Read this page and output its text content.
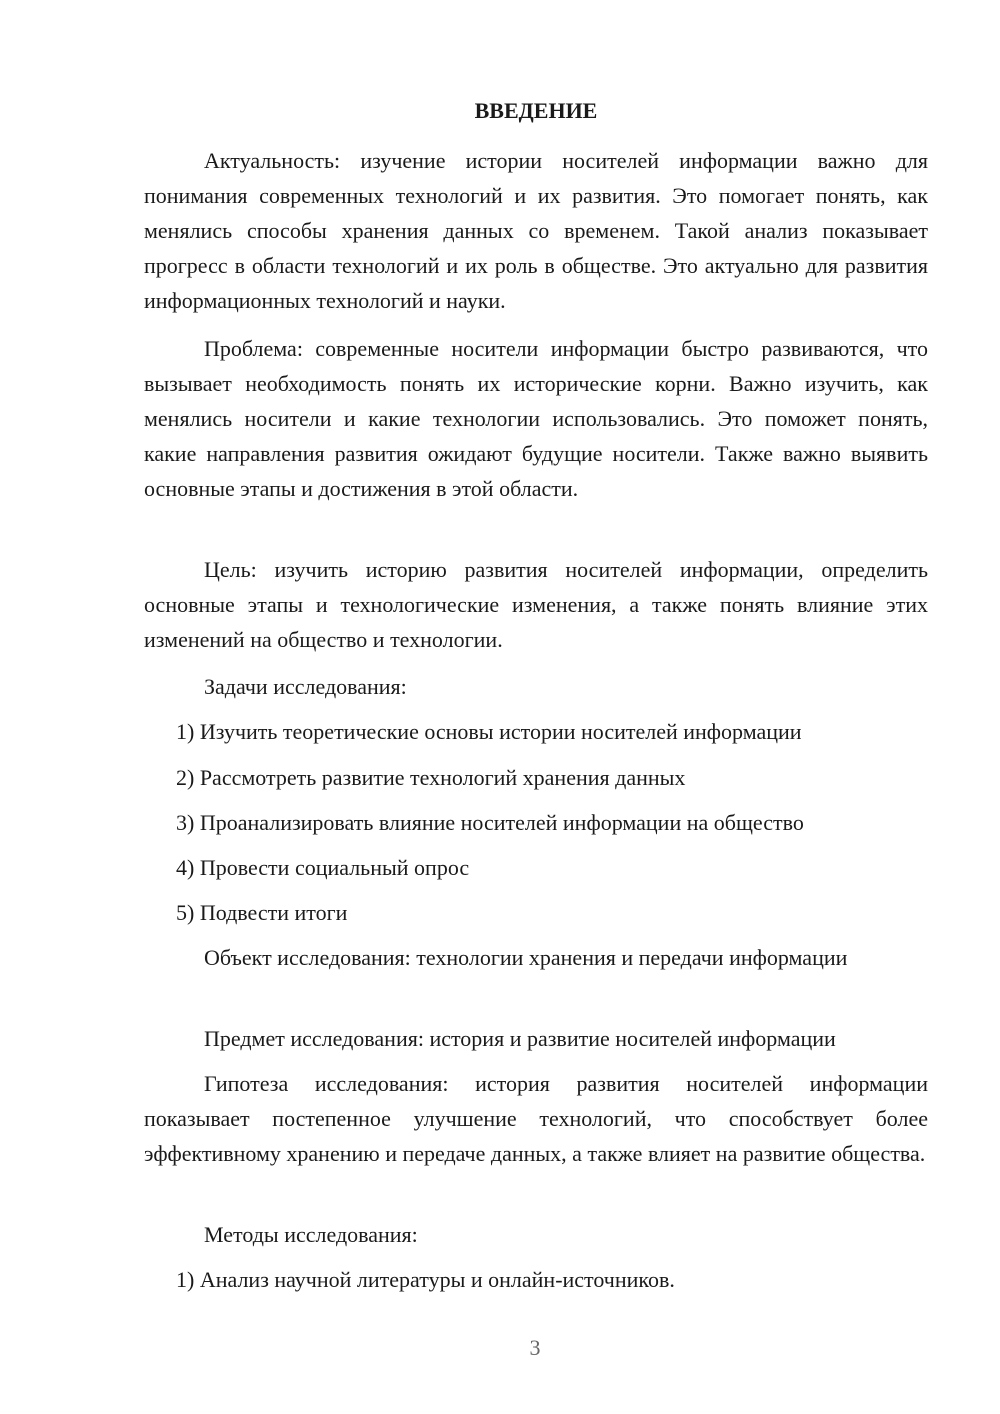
ВВЕДЕНИЕ

Актуальность: изучение истории носителей информации важно для понимания современных технологий и их развития. Это помогает понять, как менялись способы хранения данных со временем. Такой анализ показывает прогресс в области технологий и их роль в обществе. Это актуально для развития информационных технологий и науки.

Проблема: современные носители информации быстро развиваются, что вызывает необходимость понять их исторические корни. Важно изучить, как менялись носители и какие технологии использовались. Это поможет понять, какие направления развития ожидают будущие носители. Также важно выявить основные этапы и достижения в этой области.

Цель: изучить историю развития носителей информации, определить основные этапы и технологические изменения, а также понять влияние этих изменений на общество и технологии.

Задачи исследования:

1) Изучить теоретические основы истории носителей информации

2) Рассмотреть развитие технологий хранения данных

3) Проанализировать влияние носителей информации на общество

4) Провести социальный опрос

5) Подвести итоги

Объект исследования: технологии хранения и передачи информации

Предмет исследования: история и развитие носителей информации

Гипотеза исследования: история развития носителей информации показывает постепенное улучшение технологий, что способствует более эффективному хранению и передаче данных, а также влияет на развитие общества.

Методы исследования:

1) Анализ научной литературы и онлайн-источников.

3
